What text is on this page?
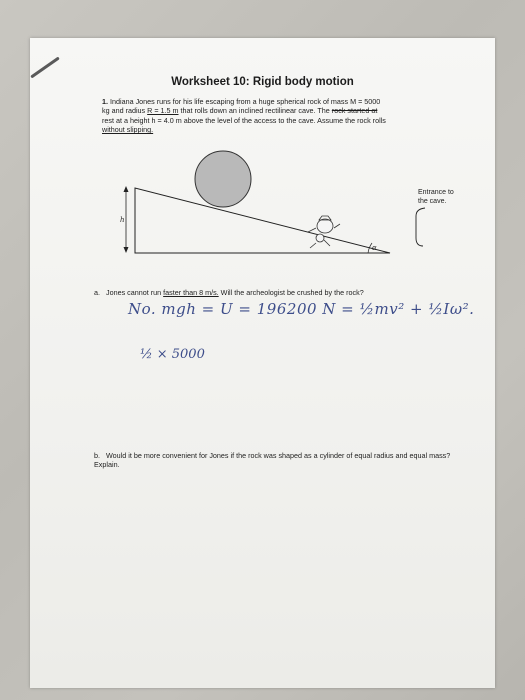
Worksheet 10: Rigid body motion
1. Indiana Jones runs for his life escaping from a huge spherical rock of mass M = 5000
kg and radius R = 1.5 m that rolls down an inclined rectilinear cave. The rock started at
rest at a height h = 4.0 m above the level of the access to the cave. Assume the rock rolls
without slipping.
h
α
Entrance to the cave.
a. Jones cannot run faster than 8 m/s. Will the archeologist be crushed by the rock?
No. mgh = U = 196200 N = ½mv² + ½Iω².
½ × 5000
b. Would it be more convenient for Jones if the rock was shaped as a cylinder of equal radius and equal mass? Explain.
